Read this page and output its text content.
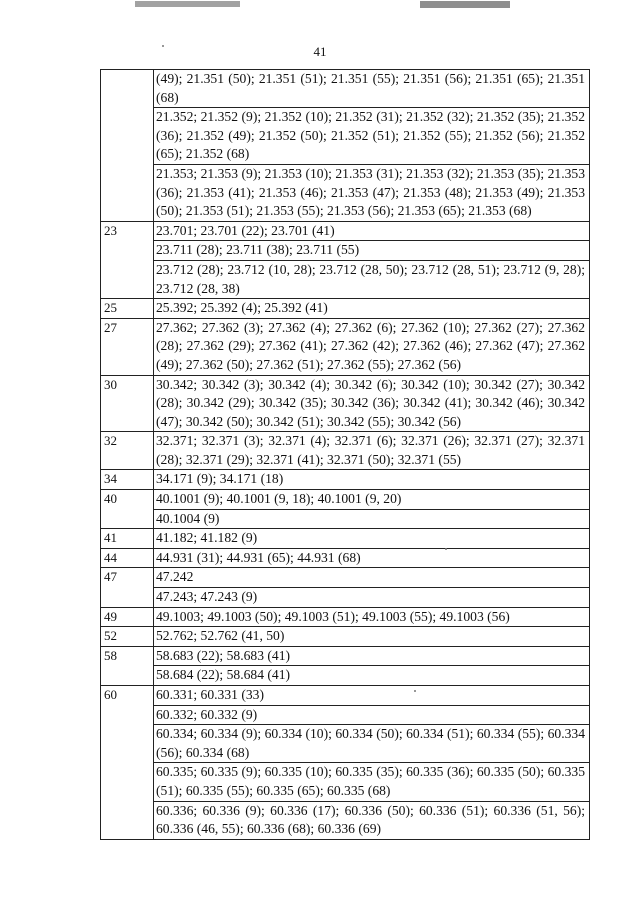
41
(49); 21.351 (50); 21.351 (51); 21.351 (55); 21.351 (56); 21.351 (65); 21.351 (68)
21.352; 21.352 (9); 21.352 (10); 21.352 (31); 21.352 (32); 21.352 (35); 21.352 (36); 21.352 (49); 21.352 (50); 21.352 (51); 21.352 (55); 21.352 (56); 21.352 (65); 21.352 (68)
21.353; 21.353 (9); 21.353 (10); 21.353 (31); 21.353 (32); 21.353 (35); 21.353 (36); 21.353 (41); 21.353 (46); 21.353 (47); 21.353 (48); 21.353 (49); 21.353 (50); 21.353 (51); 21.353 (55); 21.353 (56); 21.353 (65); 21.353 (68)
23	23.701; 23.701 (22); 23.701 (41)
23.711 (28); 23.711 (38); 23.711 (55)
23.712 (28); 23.712 (10, 28); 23.712 (28, 50); 23.712 (28, 51); 23.712 (9, 28); 23.712 (28, 38)
25	25.392; 25.392 (4); 25.392 (41)
27	27.362; 27.362 (3); 27.362 (4); 27.362 (6); 27.362 (10); 27.362 (27); 27.362 (28); 27.362 (29); 27.362 (41); 27.362 (42); 27.362 (46); 27.362 (47); 27.362 (49); 27.362 (50); 27.362 (51); 27.362 (55); 27.362 (56)
30	30.342; 30.342 (3); 30.342 (4); 30.342 (6); 30.342 (10); 30.342 (27); 30.342 (28); 30.342 (29); 30.342 (35); 30.342 (36); 30.342 (41); 30.342 (46); 30.342 (47); 30.342 (50); 30.342 (51); 30.342 (55); 30.342 (56)
32	32.371; 32.371 (3); 32.371 (4); 32.371 (6); 32.371 (26); 32.371 (27); 32.371 (28); 32.371 (29); 32.371 (41); 32.371 (50); 32.371 (55)
34	34.171 (9); 34.171 (18)
40	40.1001 (9); 40.1001 (9, 18); 40.1001 (9, 20)
40.1004 (9)
41	41.182; 41.182 (9)
44	44.931 (31); 44.931 (65); 44.931 (68)
47	47.242
47.243; 47.243 (9)
49	49.1003; 49.1003 (50); 49.1003 (51); 49.1003 (55); 49.1003 (56)
52	52.762; 52.762 (41, 50)
58	58.683 (22); 58.683 (41)
58.684 (22); 58.684 (41)
60	60.331; 60.331 (33)
60.332; 60.332 (9)
60.334; 60.334 (9); 60.334 (10); 60.334 (50); 60.334 (51); 60.334 (55); 60.334 (56); 60.334 (68)
60.335; 60.335 (9); 60.335 (10); 60.335 (35); 60.335 (36); 60.335 (50); 60.335 (51); 60.335 (55); 60.335 (65); 60.335 (68)
60.336; 60.336 (9); 60.336 (17); 60.336 (50); 60.336 (51); 60.336 (51, 56); 60.336 (46, 55); 60.336 (68); 60.336 (69)
